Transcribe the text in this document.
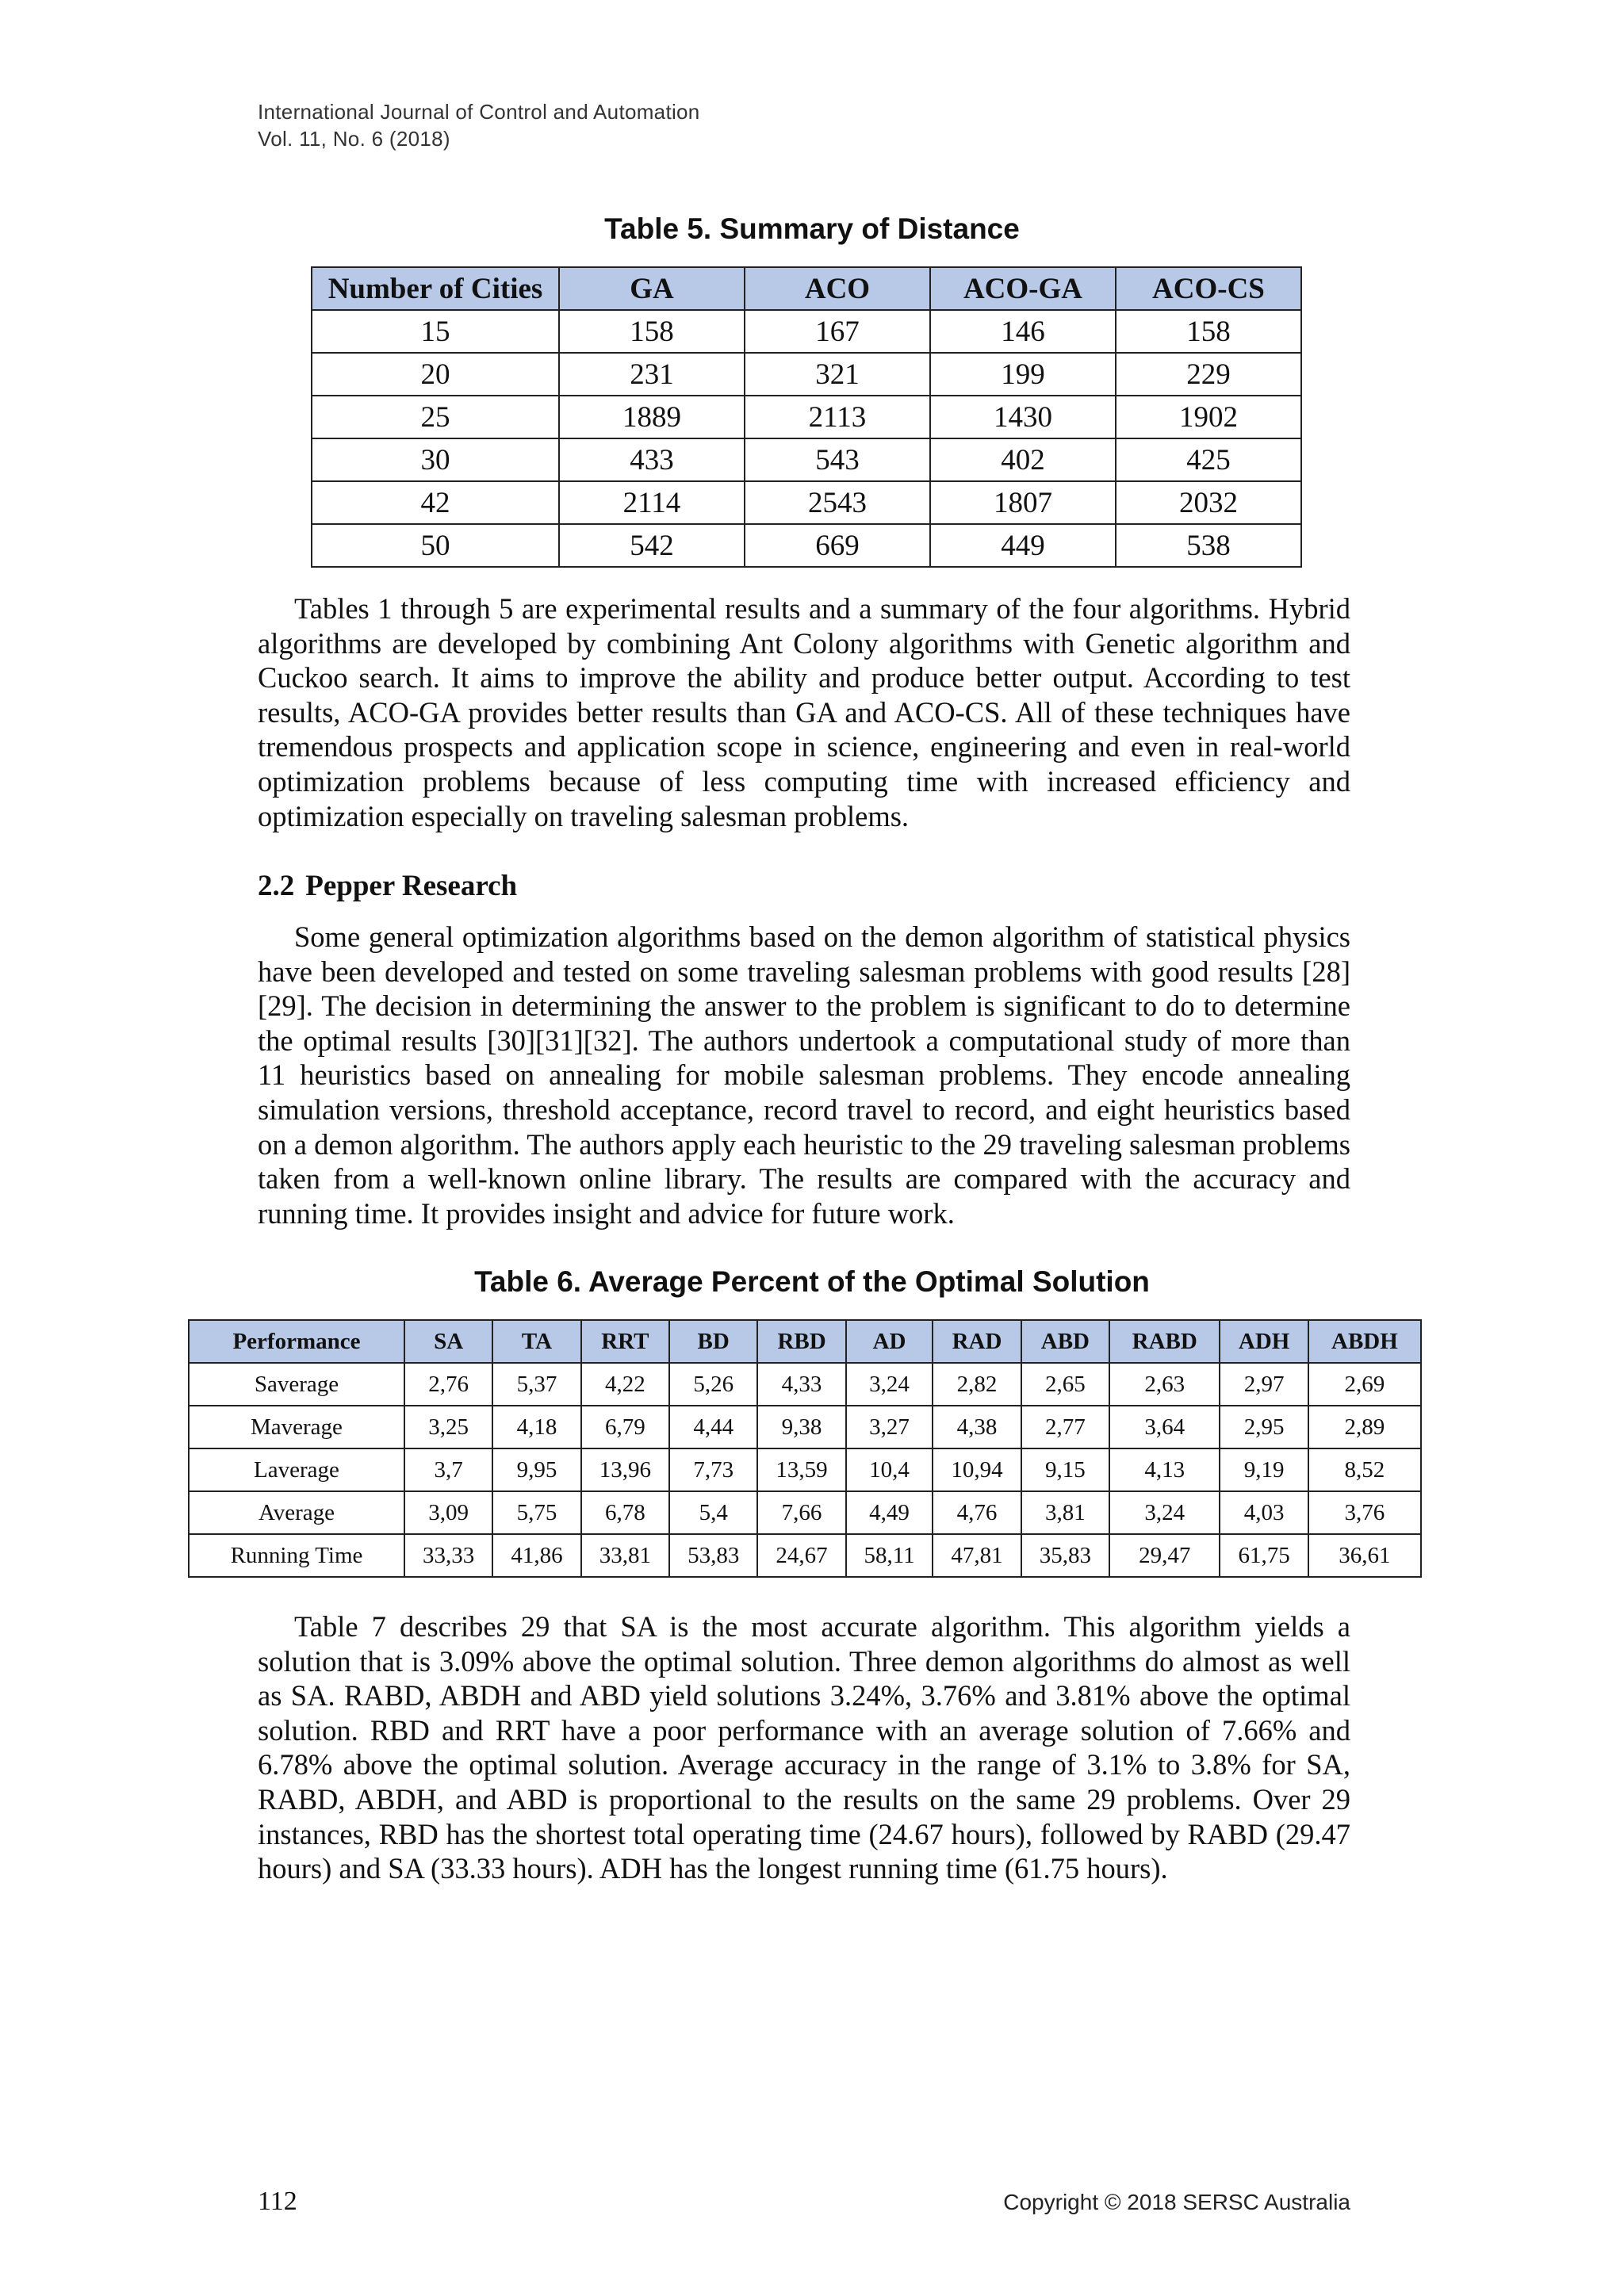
International Journal of Control and Automation
Vol. 11, No. 6 (2018)
Table 5. Summary of Distance
Number of Cities	GA	ACO	ACO-GA	ACO-CS
15	158	167	146	158
20	231	321	199	229
25	1889	2113	1430	1902
30	433	543	402	425
42	2114	2543	1807	2032
50	542	669	449	538

Tables 1 through 5 are experimental results and a summary of the four algorithms. Hybrid algorithms are developed by combining Ant Colony algorithms with Genetic algorithm and Cuckoo search. It aims to improve the ability and produce better output. According to test results, ACO-GA provides better results than GA and ACO-CS. All of these techniques have tremendous prospects and application scope in science, engineering and even in real-world optimization problems because of less computing time with increased efficiency and optimization especially on traveling salesman problems.

2.2 Pepper Research

Some general optimization algorithms based on the demon algorithm of statistical physics have been developed and tested on some traveling salesman problems with good results [28][29]. The decision in determining the answer to the problem is significant to do to determine the optimal results [30][31][32]. The authors undertook a computational study of more than 11 heuristics based on annealing for mobile salesman problems. They encode annealing simulation versions, threshold acceptance, record travel to record, and eight heuristics based on a demon algorithm. The authors apply each heuristic to the 29 traveling salesman problems taken from a well-known online library. The results are compared with the accuracy and running time. It provides insight and advice for future work.

Table 6. Average Percent of the Optimal Solution
Performance	SA	TA	RRT	BD	RBD	AD	RAD	ABD	RABD	ADH	ABDH
Saverage	2,76	5,37	4,22	5,26	4,33	3,24	2,82	2,65	2,63	2,97	2,69
Maverage	3,25	4,18	6,79	4,44	9,38	3,27	4,38	2,77	3,64	2,95	2,89
Laverage	3,7	9,95	13,96	7,73	13,59	10,4	10,94	9,15	4,13	9,19	8,52
Average	3,09	5,75	6,78	5,4	7,66	4,49	4,76	3,81	3,24	4,03	3,76
Running Time	33,33	41,86	33,81	53,83	24,67	58,11	47,81	35,83	29,47	61,75	36,61

Table 7 describes 29 that SA is the most accurate algorithm. This algorithm yields a solution that is 3.09% above the optimal solution. Three demon algorithms do almost as well as SA. RABD, ABDH and ABD yield solutions 3.24%, 3.76% and 3.81% above the optimal solution. RBD and RRT have a poor performance with an average solution of 7.66% and 6.78% above the optimal solution. Average accuracy in the range of 3.1% to 3.8% for SA, RABD, ABDH, and ABD is proportional to the results on the same 29 problems. Over 29 instances, RBD has the shortest total operating time (24.67 hours), followed by RABD (29.47 hours) and SA (33.33 hours). ADH has the longest running time (61.75 hours).

112	Copyright © 2018 SERSC Australia
